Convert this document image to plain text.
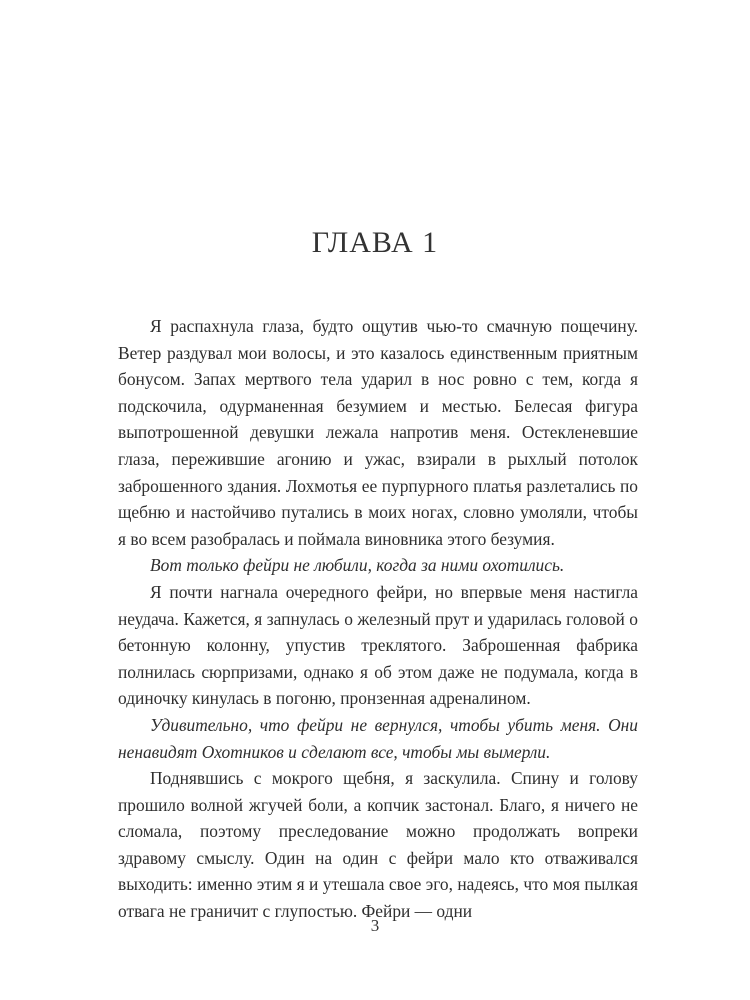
ГЛАВА 1

Я распахнула глаза, будто ощутив чью-то смачную пощечину. Ветер раздувал мои волосы, и это казалось единственным приятным бонусом. Запах мертвого тела ударил в нос ровно с тем, когда я подскочила, одурманенная безумием и местью. Белесая фигура выпотрошенной девушки лежала напротив меня. Остекленевшие глаза, пережившие агонию и ужас, взирали в рыхлый потолок заброшенного здания. Лохмотья ее пурпурного платья разлетались по щебню и настойчиво путались в моих ногах, словно умоляли, чтобы я во всем разобралась и поймала виновника этого безумия.

Вот только фейри не любили, когда за ними охотились.

Я почти нагнала очередного фейри, но впервые меня настигла неудача. Кажется, я запнулась о железный прут и ударилась головой о бетонную колонну, упустив треклятого. Заброшенная фабрика полнилась сюрпризами, однако я об этом даже не подумала, когда в одиночку кинулась в погоню, пронзенная адреналином.

Удивительно, что фейри не вернулся, чтобы убить меня. Они ненавидят Охотников и сделают все, чтобы мы вымерли.

Поднявшись с мокрого щебня, я заскулила. Спину и голову прошило волной жгучей боли, а копчик застонал. Благо, я ничего не сломала, поэтому преследование можно продолжать вопреки здравому смыслу. Один на один с фейри мало кто отваживался выходить: именно этим я и утешала свое эго, надеясь, что моя пылкая отвага не граничит с глупостью. Фейри — одни

3
